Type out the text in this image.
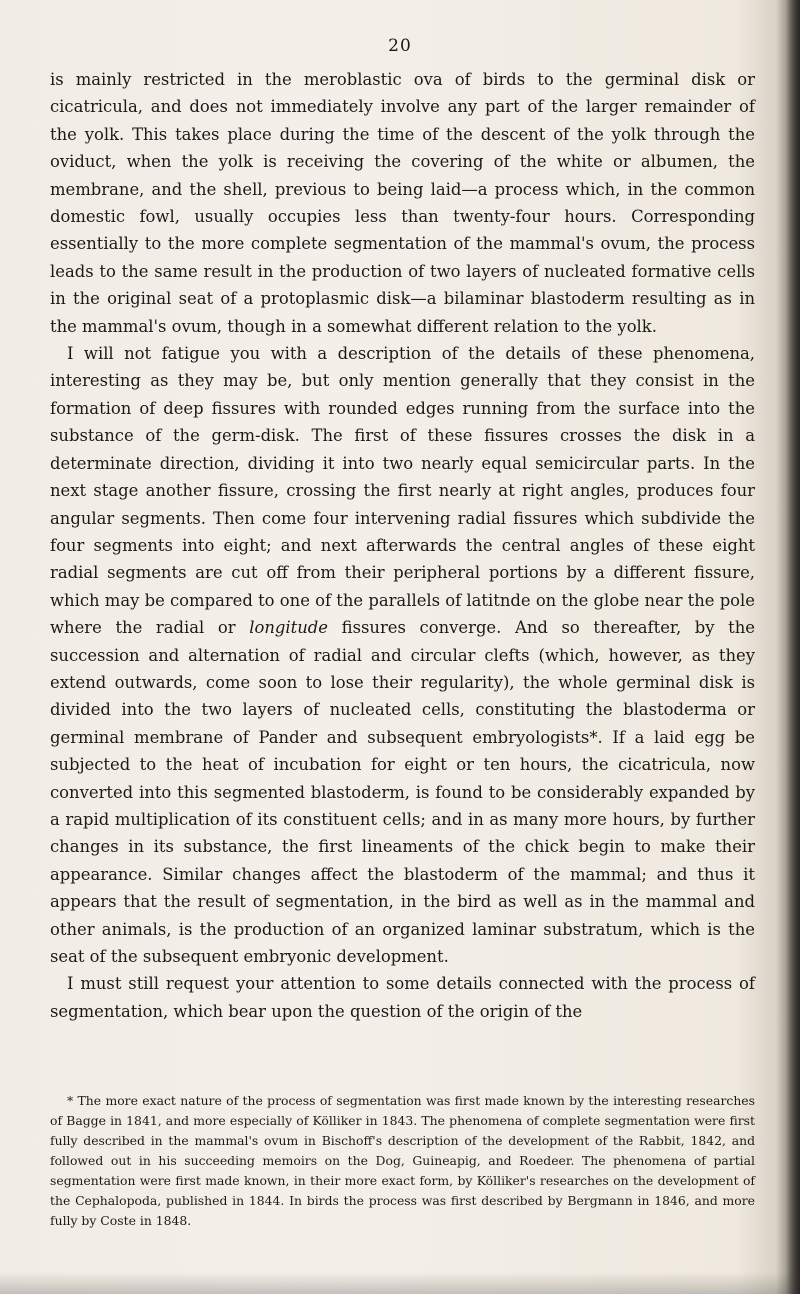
20

is mainly restricted in the meroblastic ova of birds to the germinal disk or cicatricula, and does not immediately involve any part of the larger remainder of the yolk. This takes place during the time of the descent of the yolk through the oviduct, when the yolk is receiving the covering of the white or albumen, the membrane, and the shell, previous to being laid—a process which, in the common domestic fowl, usually occupies less than twenty-four hours. Corresponding essentially to the more complete segmentation of the mammal's ovum, the process leads to the same result in the production of two layers of nucleated formative cells in the original seat of a protoplasmic disk—a bilaminar blastoderm resulting as in the mammal's ovum, though in a somewhat different relation to the yolk.

I will not fatigue you with a description of the details of these phenomena, interesting as they may be, but only mention generally that they consist in the formation of deep fissures with rounded edges running from the surface into the substance of the germ-disk. The first of these fissures crosses the disk in a determinate direction, dividing it into two nearly equal semicircular parts. In the next stage another fissure, crossing the first nearly at right angles, produces four angular segments. Then come four intervening radial fissures which subdivide the four segments into eight; and next afterwards the central angles of these eight radial segments are cut off from their peripheral portions by a different fissure, which may be compared to one of the parallels of latitnde on the globe near the pole where the radial or longitude fissures converge. And so thereafter, by the succession and alternation of radial and circular clefts (which, however, as they extend outwards, come soon to lose their regularity), the whole germinal disk is divided into the two layers of nucleated cells, constituting the blastoderma or germinal membrane of Pander and subsequent embryologists*. If a laid egg be subjected to the heat of incubation for eight or ten hours, the cicatricula, now converted into this segmented blastoderm, is found to be considerably expanded by a rapid multiplication of its constituent cells; and in as many more hours, by further changes in its substance, the first lineaments of the chick begin to make their appearance. Similar changes affect the blastoderm of the mammal; and thus it appears that the result of segmentation, in the bird as well as in the mammal and other animals, is the production of an organized laminar substratum, which is the seat of the subsequent embryonic development.

I must still request your attention to some details connected with the process of segmentation, which bear upon the question of the origin of the

* The more exact nature of the process of segmentation was first made known by the interesting researches of Bagge in 1841, and more especially of Kölliker in 1843. The phenomena of complete segmentation were first fully described in the mammal's ovum in Bischoff's description of the development of the Rabbit, 1842, and followed out in his succeeding memoirs on the Dog, Guineapig, and Roedeer. The phenomena of partial segmentation were first made known, in their more exact form, by Kölliker's researches on the development of the Cephalopoda, published in 1844. In birds the process was first described by Bergmann in 1846, and more fully by Coste in 1848.
